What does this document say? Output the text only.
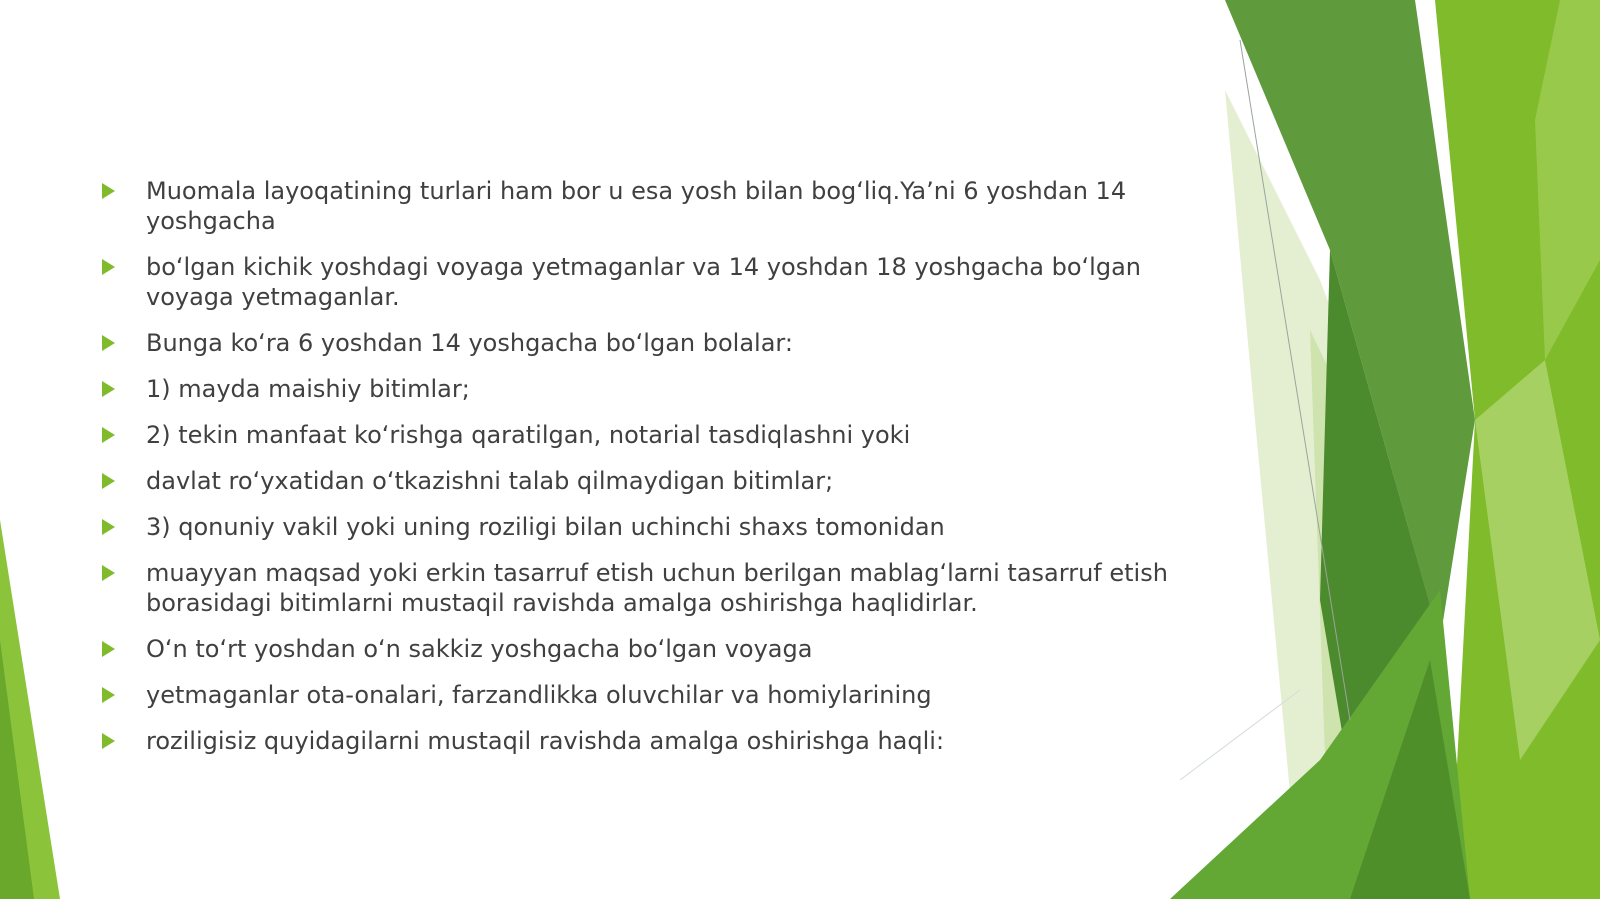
Muomala layoqatining turlari ham bor u esa yosh bilan bogʻliq.Yaʼni 6 yoshdan 14 yoshgacha
boʻlgan kichik yoshdagi voyaga yetmaganlar va 14 yoshdan 18 yoshgacha boʻlgan voyaga yetmaganlar.
Bunga koʻra 6 yoshdan 14 yoshgacha boʻlgan bolalar:
1) mayda maishiy bitimlar;
2) tekin manfaat koʻrishga qaratilgan, notarial tasdiqlashni yoki
davlat roʻyxatidan oʻtkazishni talab qilmaydigan bitimlar;
3) qonuniy vakil yoki uning roziligi bilan uchinchi shaxs tomonidan
muayyan maqsad yoki erkin tasarruf etish uchun berilgan mablagʻlarni tasarruf etish borasidagi bitimlarni mustaqil ravishda amalga oshirishga haqlidirlar.
Oʻn toʻrt yoshdan oʻn sakkiz yoshgacha boʻlgan voyaga
yetmaganlar ota-onalari, farzandlikka oluvchilar va homiylarining
roziligisiz quyidagilarni mustaqil ravishda amalga oshirishga haqli:
